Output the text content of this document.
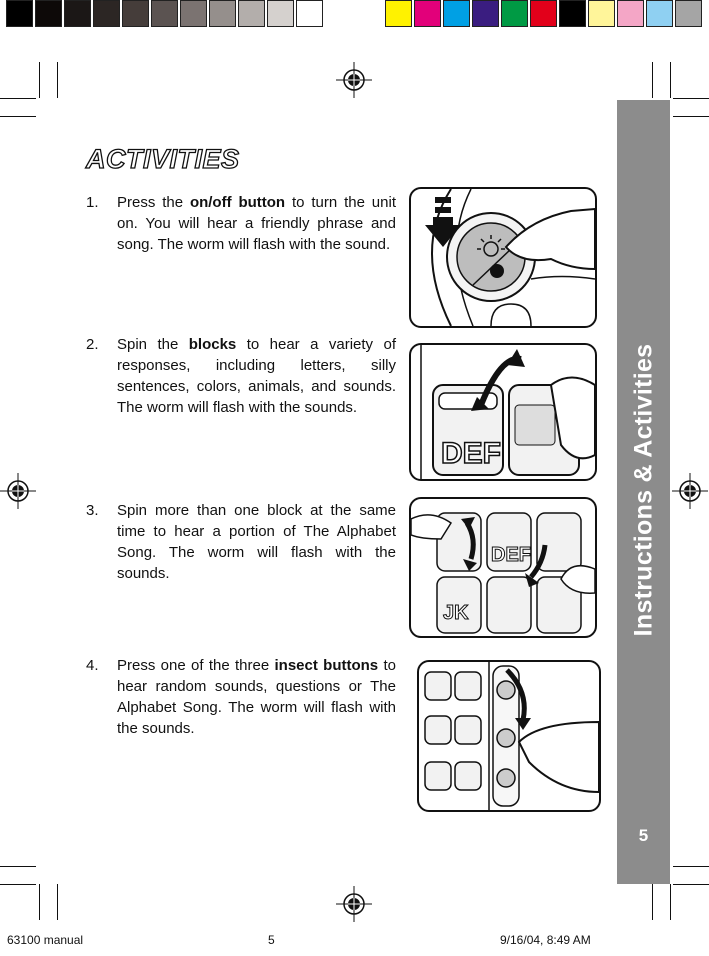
Instructions & Activities
5
ACTIVITIES
1. Press the on/off button to turn the unit on. You will hear a friendly phrase and song. The worm will flash with the sound.
2. Spin the blocks to hear a variety of responses, including letters, silly sentences, colors, animals, and sounds. The worm will flash with the sounds.
3. Spin more than one block at the same time to hear a portion of The Alphabet Song. The worm will flash with the sounds.
4. Press one of the three insect buttons to hear random sounds, questions or The Alphabet Song. The worm will flash with the sounds.
DEF
DEF
JK
63100 manual	5	9/16/04, 8:49 AM
